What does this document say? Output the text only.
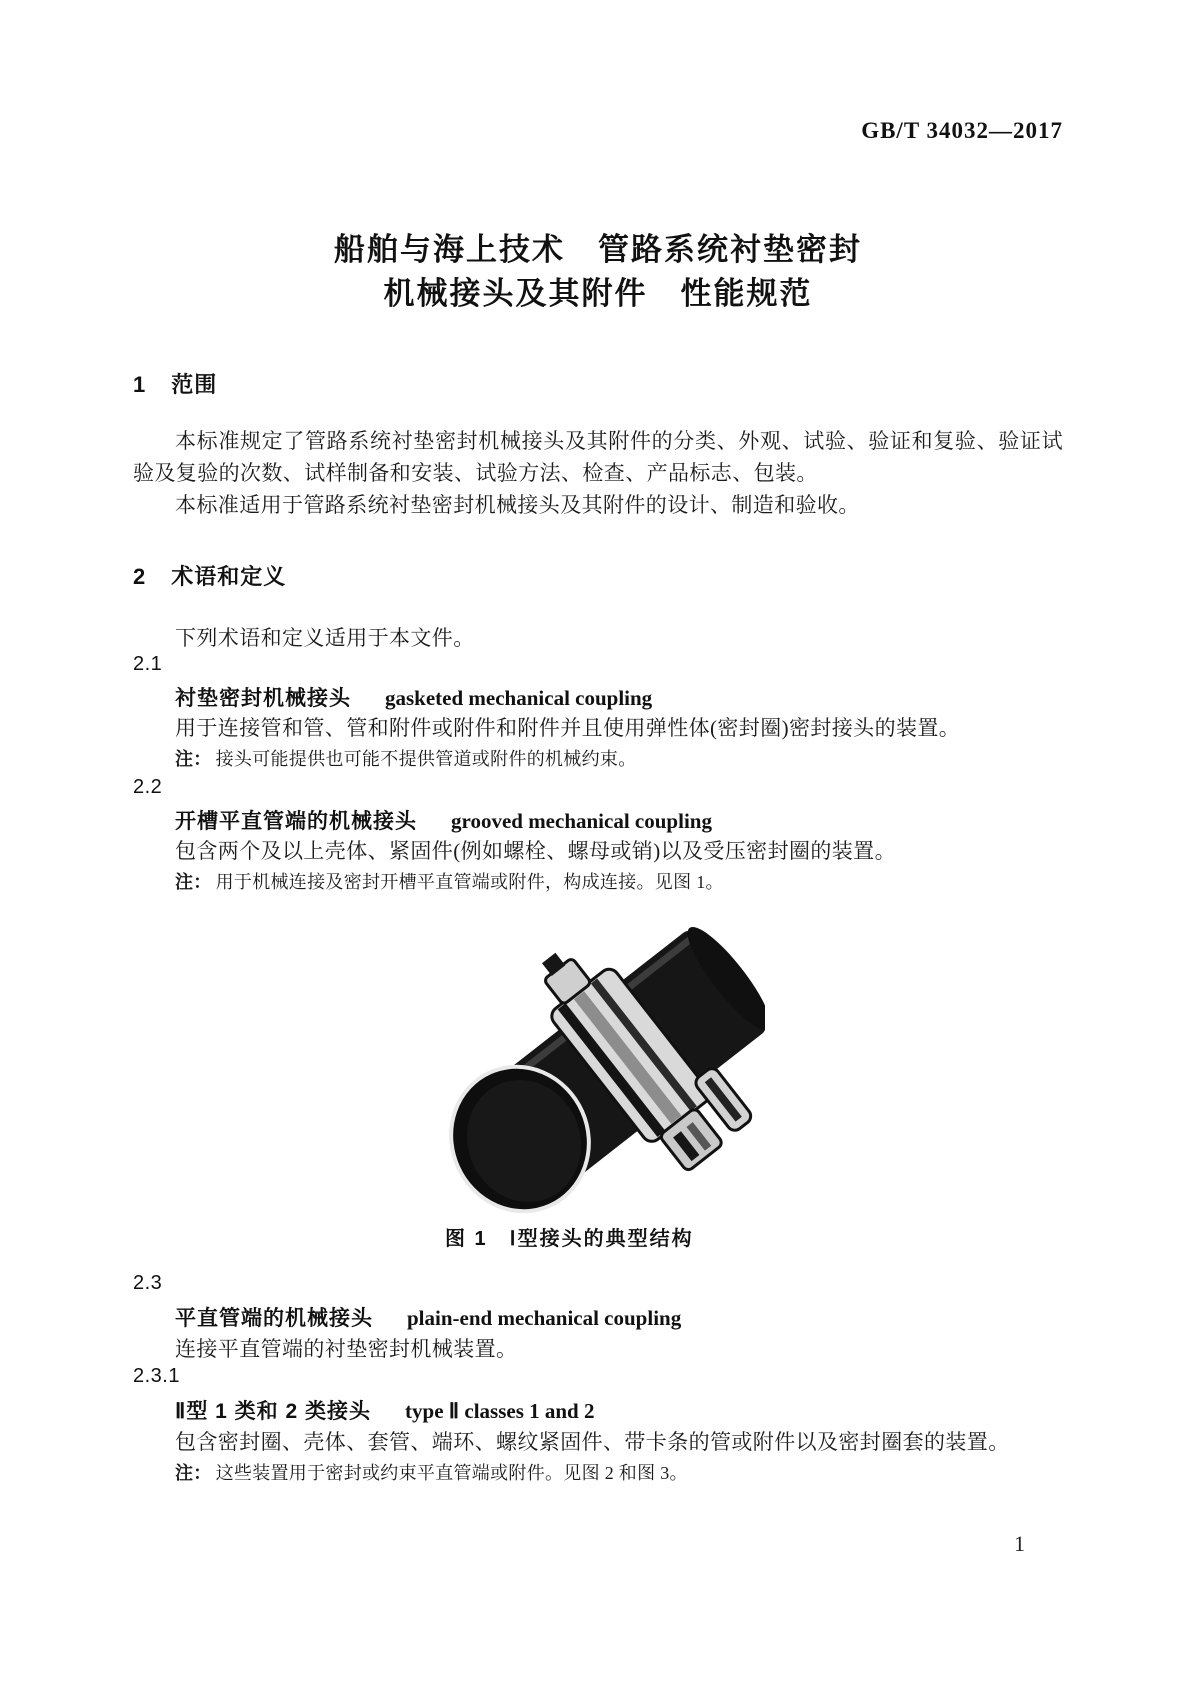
GB/T 34032—2017
船舶与海上技术　管路系统衬垫密封
机械接头及其附件　性能规范
1 范围
本标准规定了管路系统衬垫密封机械接头及其附件的分类、外观、试验、验证和复验、验证试验及复验的次数、试样制备和安装、试验方法、检查、产品标志、包装。
本标准适用于管路系统衬垫密封机械接头及其附件的设计、制造和验收。
2 术语和定义
下列术语和定义适用于本文件。
2.1
衬垫密封机械接头 gasketed mechanical coupling
用于连接管和管、管和附件或附件和附件并且使用弹性体(密封圈)密封接头的装置。
注： 接头可能提供也可能不提供管道或附件的机械约束。
2.2
开槽平直管端的机械接头 grooved mechanical coupling
包含两个及以上壳体、紧固件(例如螺栓、螺母或销)以及受压密封圈的装置。
注： 用于机械连接及密封开槽平直管端或附件，构成连接。见图 1。
图 1　Ⅰ型接头的典型结构
2.3
平直管端的机械接头 plain-end mechanical coupling
连接平直管端的衬垫密封机械装置。
2.3.1
Ⅱ型 1 类和 2 类接头 type Ⅱ classes 1 and 2
包含密封圈、壳体、套管、端环、螺纹紧固件、带卡条的管或附件以及密封圈套的装置。
注： 这些装置用于密封或约束平直管端或附件。见图 2 和图 3。
1
